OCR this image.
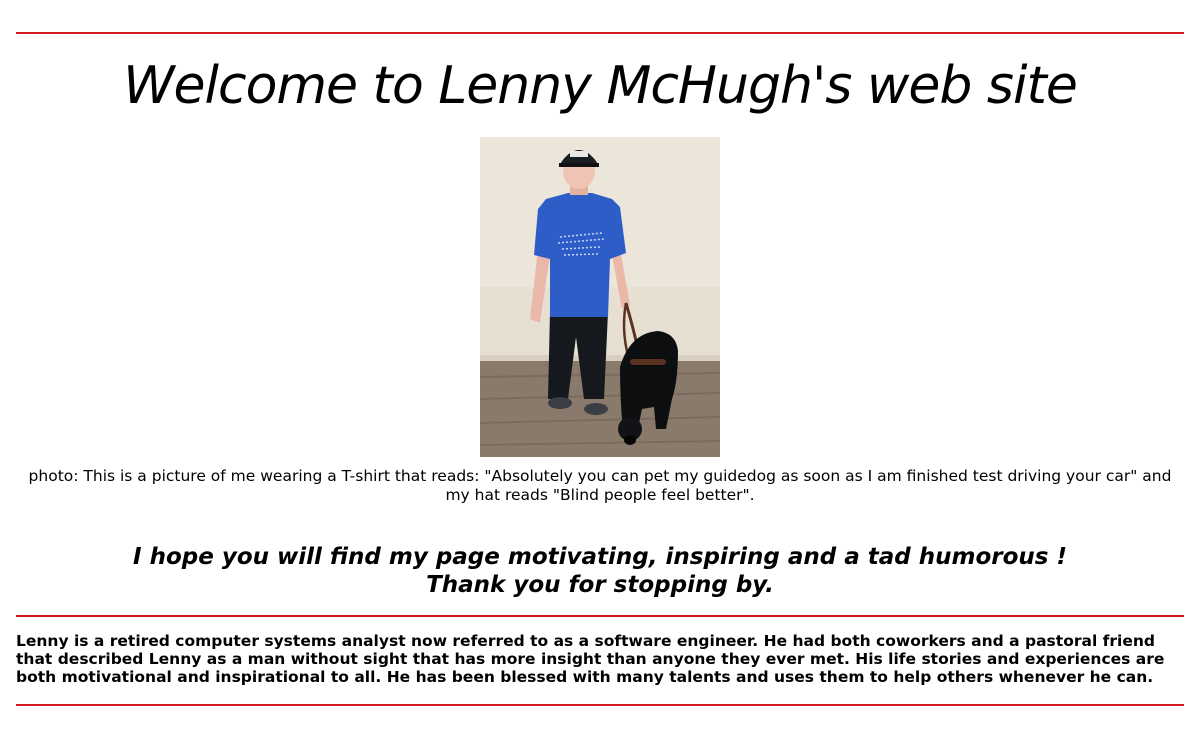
Welcome to Lenny McHugh's web site

photo: This is a picture of me wearing a T-shirt that reads: "Absolutely you can pet my guidedog as soon as I am finished test driving your car" and my hat reads "Blind people feel better".

I hope you will find my page motivating, inspiring and a tad humorous !
Thank you for stopping by.

Lenny is a retired computer systems analyst now referred to as a software engineer. He had both coworkers and a pastoral friend that described Lenny as a man without sight that has more insight than anyone they ever met. His life stories and experiences are both motivational and inspirational to all. He has been blessed with many talents and uses them to help others whenever he can.
